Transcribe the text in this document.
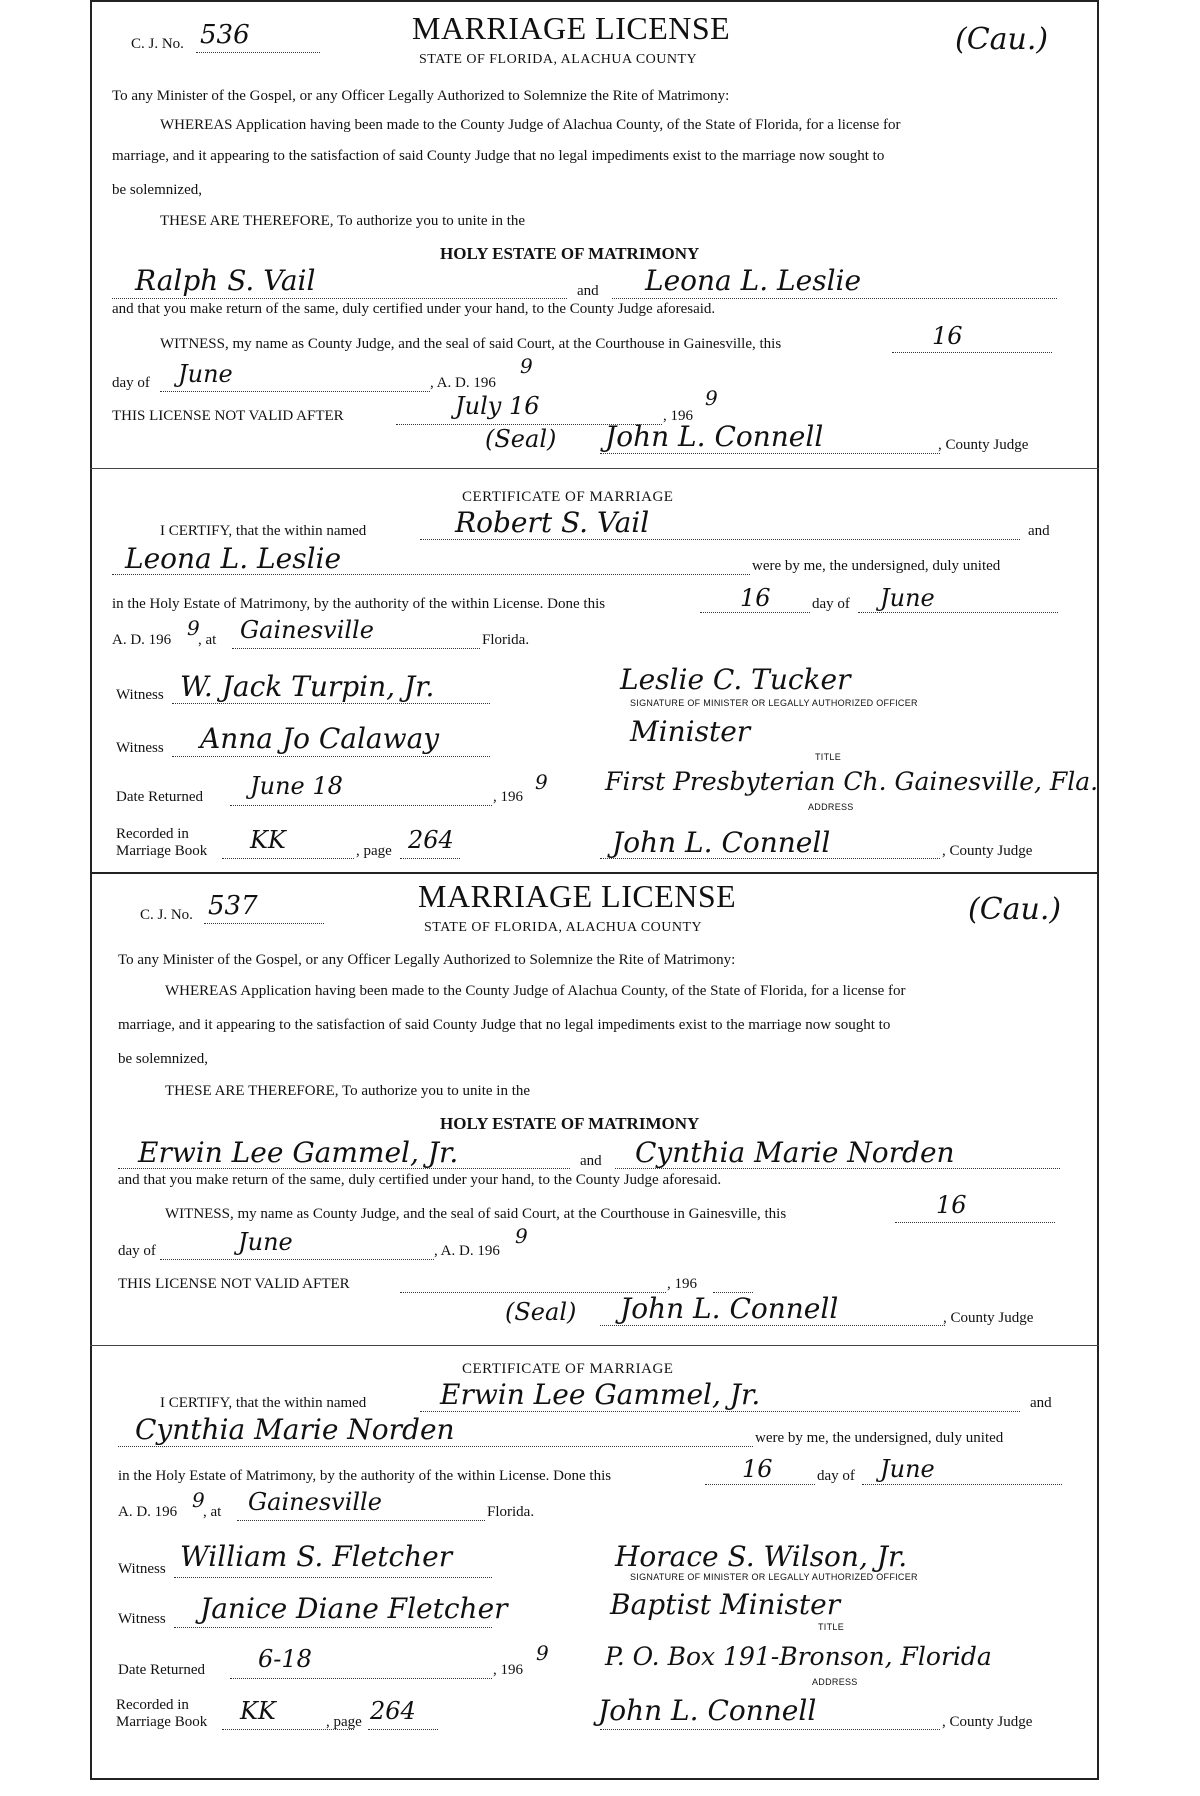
C. J. No. 536	MARRIAGE LICENSE
STATE OF FLORIDA, ALACHUA COUNTY
(Cau.)
To any Minister of the Gospel, or any Officer Legally Authorized to Solemnize the Rite of Matrimony:
WHEREAS Application having been made to the County Judge of Alachua County, of the State of Florida, for a license for
marriage, and it appearing to the satisfaction of said County Judge that no legal impediments exist to the marriage now sought to
be solemnized,
THESE ARE THEREFORE, To authorize you to unite in the
HOLY ESTATE OF MATRIMONY
Ralph S. Vail	and Leona L. Leslie
and that you make return of the same, duly certified under your hand, to the County Judge aforesaid.
WITNESS, my name as County Judge, and the seal of said Court, at the Courthouse in Gainesville, this	16
day of June	, A. D. 196
9
THIS LICENSE NOT VALID AFTER	July 16	, 196
9
(Seal) John L. Connell	, County Judge
CERTIFICATE OF MARRIAGE
I CERTIFY, that the within named	Robert S. Vail	and
Leona L. Leslie	were by me, the undersigned, duly united
in the Holy Estate of Matrimony, by the authority of the within License. Done this	16	day of June
A. D. 196 9
, at Gainesville	Florida.
Witness W. Jack Turpin, Jr.	Leslie C. Tucker
SIGNATURE OF MINISTER OR LEGALLY AUTHORIZED OFFICER
Witness Anna Jo Calaway	Minister
TITLE
Date Returned June 18	, 196
9 First Presbyterian Ch. Gainesville, Fla.
ADDRESS
Recorded in
Marriage Book KK	, page 264	John L. Connell	, County Judge
C. J. No. 537	MARRIAGE LICENSE
STATE OF FLORIDA, ALACHUA COUNTY
(Cau.)
To any Minister of the Gospel, or any Officer Legally Authorized to Solemnize the Rite of Matrimony:
WHEREAS Application having been made to the County Judge of Alachua County, of the State of Florida, for a license for
marriage, and it appearing to the satisfaction of said County Judge that no legal impediments exist to the marriage now sought to
be solemnized,
THESE ARE THEREFORE, To authorize you to unite in the
HOLY ESTATE OF MATRIMONY
Erwin Lee Gammel, Jr.	and Cynthia Marie Norden
and that you make return of the same, duly certified under your hand, to the County Judge aforesaid.
WITNESS, my name as County Judge, and the seal of said Court, at the Courthouse in Gainesville, this	16
day of	June	, A. D. 196
9
THIS LICENSE NOT VALID AFTER	, 196
(Seal) John L. Connell	, County Judge
CERTIFICATE OF MARRIAGE
I CERTIFY, that the within named	Erwin Lee Gammel, Jr.	and
Cynthia Marie Norden	were by me, the undersigned, duly united
in the Holy Estate of Matrimony, by the authority of the within License. Done this	16	day of June
A. D. 196 9
, at Gainesville	Florida.
Witness William S. Fletcher	Horace S. Wilson, Jr.
SIGNATURE OF MINISTER OR LEGALLY AUTHORIZED OFFICER
Witness Janice Diane Fletcher	Baptist Minister
TITLE
Date Returned 6-18	, 196
9 P. O. Box 191-Bronson, Florida
ADDRESS
Recorded in
Marriage Book KK	, page 264	John L. Connell	, County Judge
